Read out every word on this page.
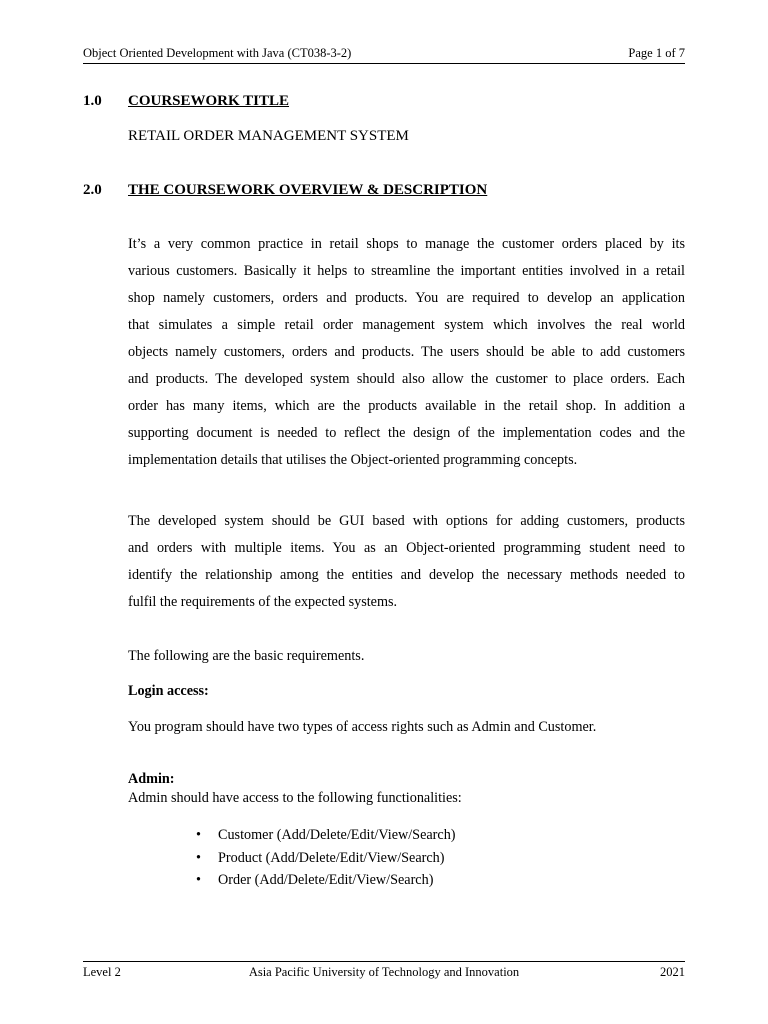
Object Oriented Development with Java (CT038-3-2)	Page 1 of 7
1.0 COURSEWORK TITLE
RETAIL ORDER MANAGEMENT SYSTEM
2.0 THE COURSEWORK OVERVIEW & DESCRIPTION
It’s a very common practice in retail shops to manage the customer orders placed by its
various customers. Basically it helps to streamline the important entities involved in a retail
shop namely customers, orders and products. You are required to develop an application
that simulates a simple retail order management system which involves the real world
objects namely customers, orders and products. The users should be able to add customers
and products. The developed system should also allow the customer to place orders. Each
order has many items, which are the products available in the retail shop. In addition a
supporting document is needed to reflect the design of the implementation codes and the
implementation details that utilises the Object-oriented programming concepts.
The developed system should be GUI based with options for adding customers, products
and orders with multiple items. You as an Object-oriented programming student need to
identify the relationship among the entities and develop the necessary methods needed to
fulfil the requirements of the expected systems.

The following are the basic requirements.

Login access:

You program should have two types of access rights such as Admin and Customer.

Admin:

Admin should have access to the following functionalities:

• Customer (Add/Delete/Edit/View/Search)
• Product (Add/Delete/Edit/View/Search)
• Order (Add/Delete/Edit/View/Search)
Level 2	Asia Pacific University of Technology and Innovation	2021
